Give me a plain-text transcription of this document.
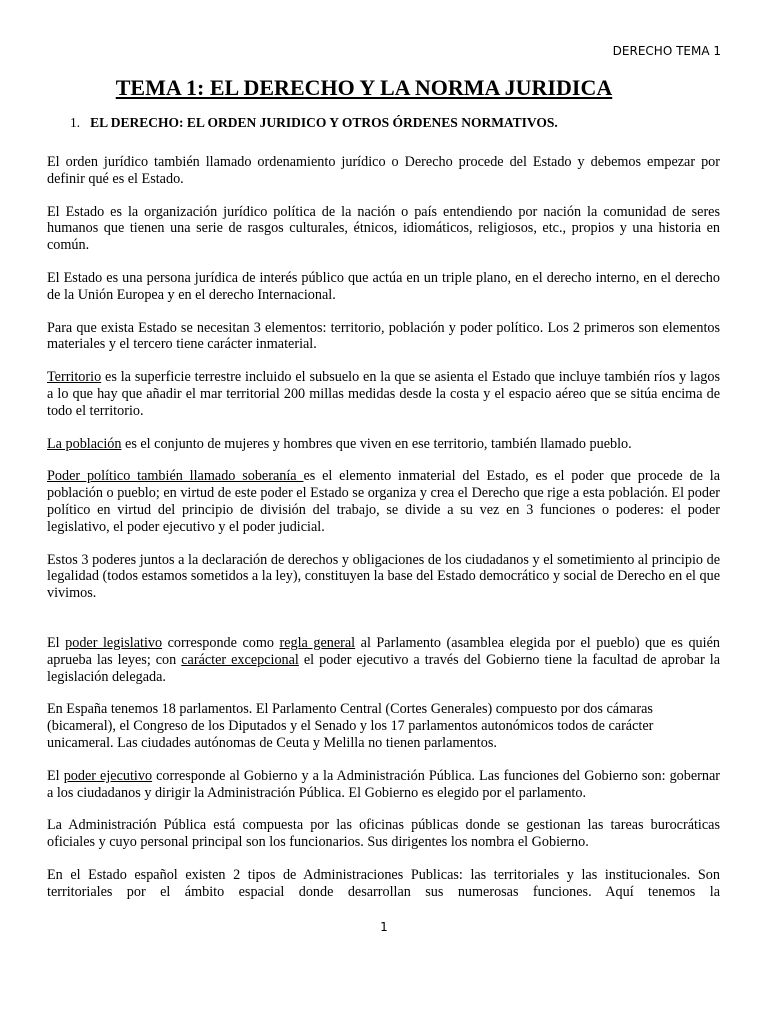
DERECHO TEMA 1
TEMA 1: EL DERECHO Y LA NORMA JURIDICA
1. EL DERECHO: EL ORDEN JURIDICO Y OTROS ÓRDENES NORMATIVOS.

El orden jurídico también llamado ordenamiento jurídico o Derecho procede del Estado y debemos empezar por definir qué es el Estado.

El Estado es la organización jurídico política de la nación o país entendiendo por nación la comunidad de seres humanos que tienen una serie de rasgos culturales, étnicos, idiomáticos, religiosos, etc., propios y una historia en común.

El Estado es una persona jurídica de interés público que actúa en un triple plano, en el derecho interno, en el derecho de la Unión Europea y en el derecho Internacional.

Para que exista Estado se necesitan 3 elementos: territorio, población y poder político. Los 2 primeros son elementos materiales y el tercero tiene carácter inmaterial.

Territorio es la superficie terrestre incluido el subsuelo en la que se asienta el Estado que incluye también ríos y lagos a lo que hay que añadir el mar territorial 200 millas medidas desde la costa y el espacio aéreo que se sitúa encima de todo el territorio.

La población es el conjunto de mujeres y hombres que viven en ese territorio, también llamado pueblo.

Poder político también llamado soberanía es el elemento inmaterial del Estado, es el poder que procede de la población o pueblo; en virtud de este poder el Estado se organiza y crea el Derecho que rige a esta población. El poder político en virtud del principio de división del trabajo, se divide a su vez en 3 funciones o poderes: el poder legislativo, el poder ejecutivo y el poder judicial.

Estos 3 poderes juntos a la declaración de derechos y obligaciones de los ciudadanos y el sometimiento al principio de legalidad (todos estamos sometidos a la ley), constituyen la base del Estado democrático y social de Derecho en el que vivimos.

El poder legislativo corresponde como regla general al Parlamento (asamblea elegida por el pueblo) que es quién aprueba las leyes; con carácter excepcional el poder ejecutivo a través del Gobierno tiene la facultad de aprobar la legislación delegada.

En España tenemos 18 parlamentos. El Parlamento Central (Cortes Generales) compuesto por dos cámaras (bicameral), el Congreso de los Diputados y el Senado y los 17 parlamentos autonómicos todos de carácter unicameral. Las ciudades autónomas de Ceuta y Melilla no tienen parlamentos.

El poder ejecutivo corresponde al Gobierno y a la Administración Pública. Las funciones del Gobierno son: gobernar a los ciudadanos y dirigir la Administración Pública. El Gobierno es elegido por el parlamento.

La Administración Pública está compuesta por las oficinas públicas donde se gestionan las tareas burocráticas oficiales y cuyo personal principal son los funcionarios. Sus dirigentes los nombra el Gobierno.

En el Estado español existen 2 tipos de Administraciones Publicas: las territoriales y las institucionales. Son territoriales por el ámbito espacial donde desarrollan sus numerosas funciones. Aquí tenemos la

1
